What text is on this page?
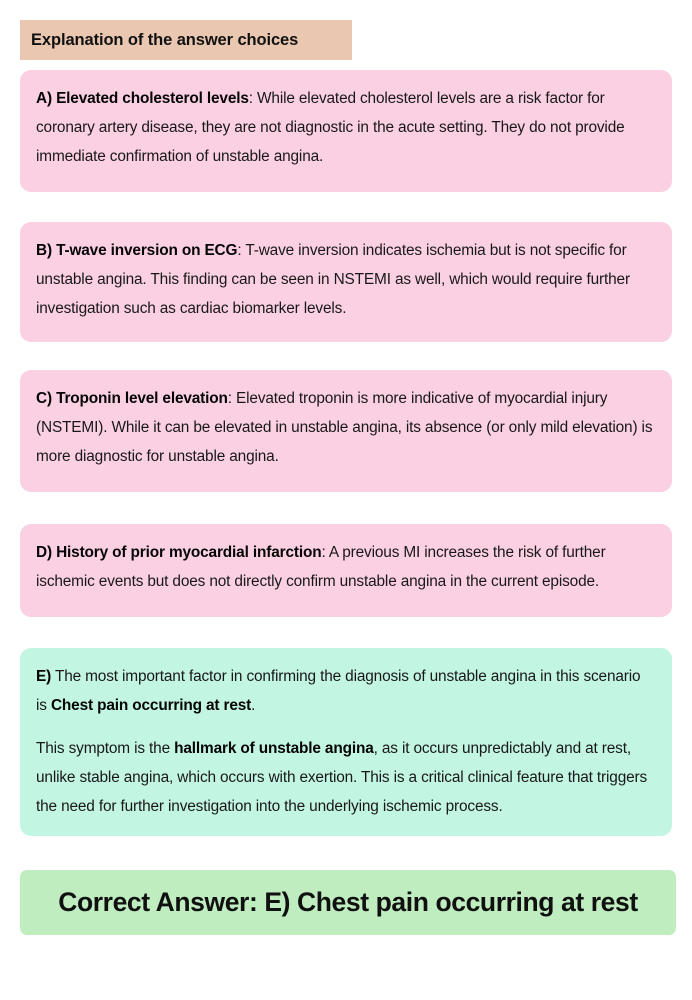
Explanation of the answer choices

A) Elevated cholesterol levels: While elevated cholesterol levels are a risk factor for coronary artery disease, they are not diagnostic in the acute setting. They do not provide immediate confirmation of unstable angina.

B) T-wave inversion on ECG: T-wave inversion indicates ischemia but is not specific for unstable angina. This finding can be seen in NSTEMI as well, which would require further investigation such as cardiac biomarker levels.

C) Troponin level elevation: Elevated troponin is more indicative of myocardial injury (NSTEMI). While it can be elevated in unstable angina, its absence (or only mild elevation) is more diagnostic for unstable angina.

D) History of prior myocardial infarction: A previous MI increases the risk of further ischemic events but does not directly confirm unstable angina in the current episode.

E) The most important factor in confirming the diagnosis of unstable angina in this scenario is Chest pain occurring at rest.

This symptom is the hallmark of unstable angina, as it occurs unpredictably and at rest, unlike stable angina, which occurs with exertion. This is a critical clinical feature that triggers the need for further investigation into the underlying ischemic process.

Correct Answer: E) Chest pain occurring at rest
